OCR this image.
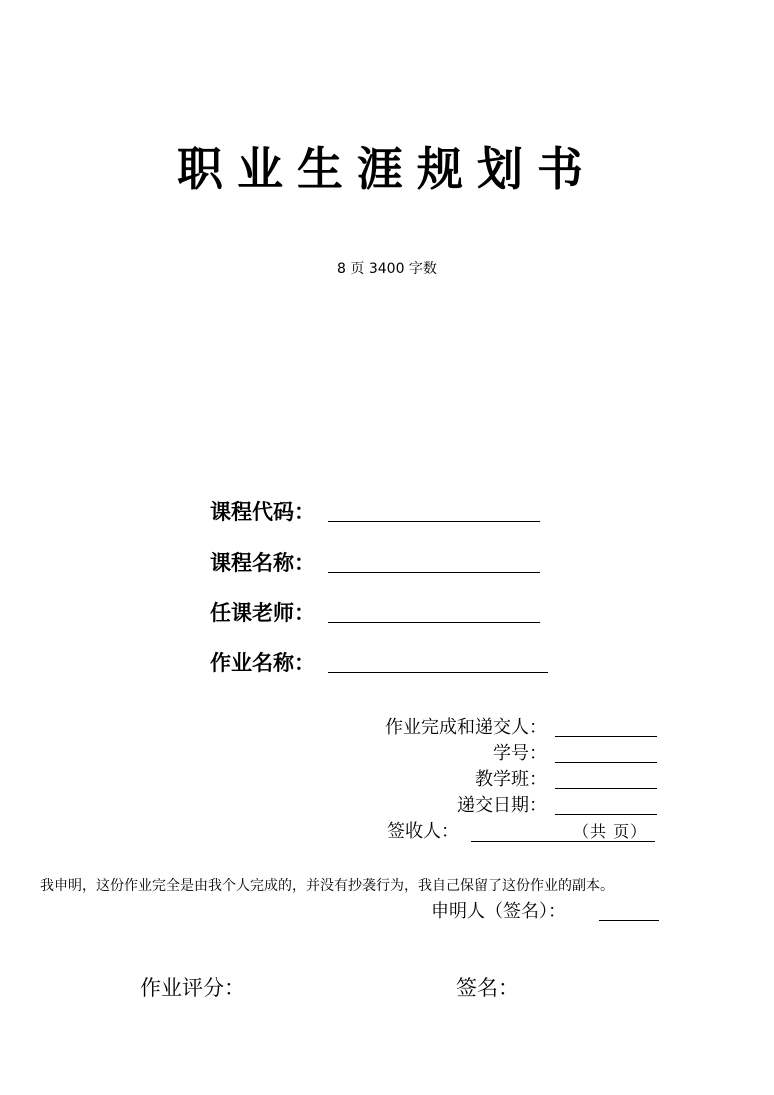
职业生涯规划书
8 页 3400 字数
课程代码：
课程名称：
任课老师：
作业名称：
作业完成和递交人：
学号：
教学班：
递交日期：
签收人：	（共 页）
我申明，这份作业完全是由我个人完成的，并没有抄袭行为，我自己保留了这份作业的副本。
申明人（签名）：
作业评分：	签名：
